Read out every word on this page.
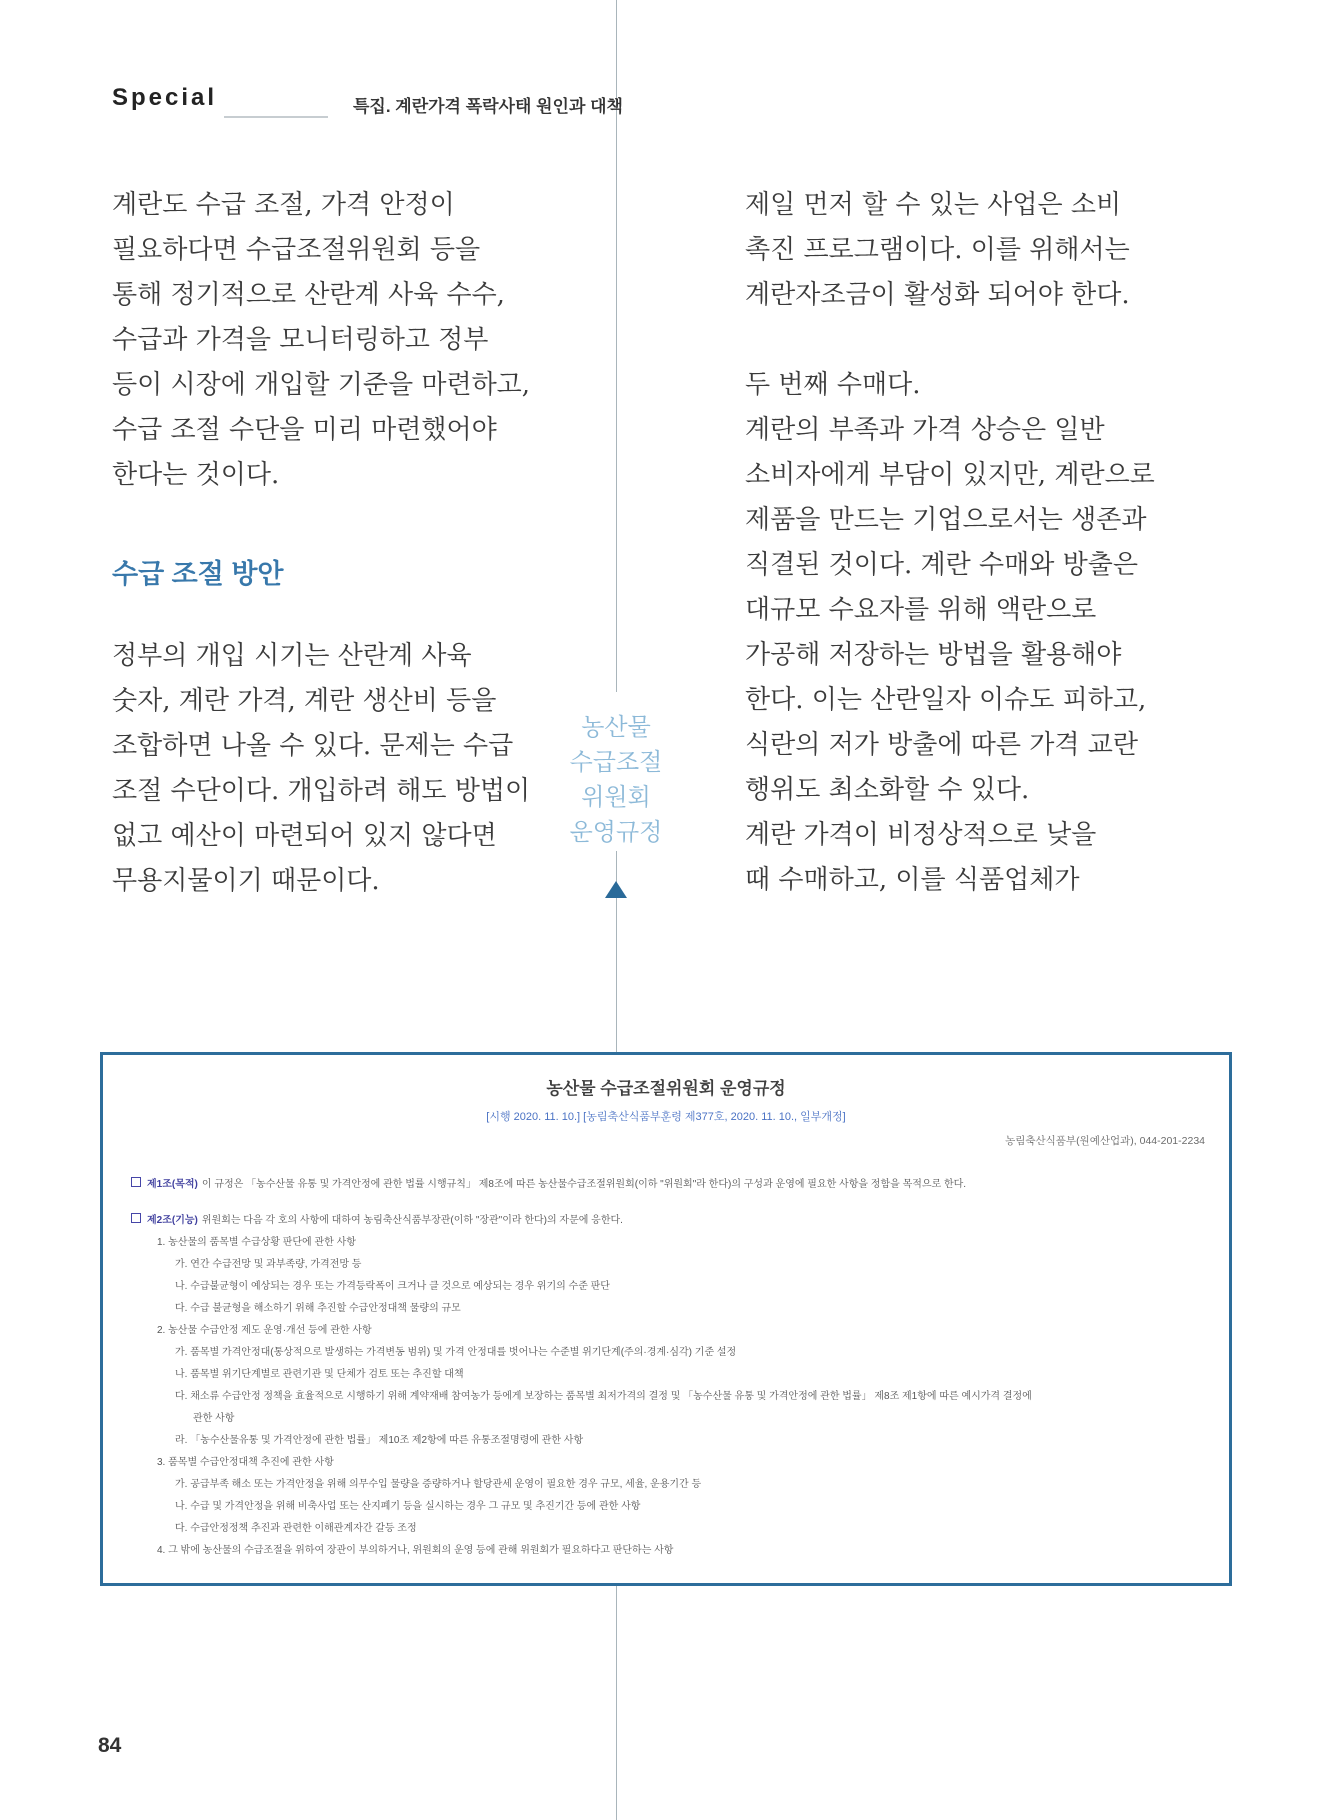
Special	특집. 계란가격 폭락사태 원인과 대책
계란도 수급 조절, 가격 안정이
필요하다면 수급조절위원회 등을
통해 정기적으로 산란계 사육 수수,
수급과 가격을 모니터링하고 정부
등이 시장에 개입할 기준을 마련하고,
수급 조절 수단을 미리 마련했어야
한다는 것이다.
수급 조절 방안
정부의 개입 시기는 산란계 사육
숫자, 계란 가격, 계란 생산비 등을
조합하면 나올 수 있다. 문제는 수급
조절 수단이다. 개입하려 해도 방법이
없고 예산이 마련되어 있지 않다면
무용지물이기 때문이다.
제일 먼저 할 수 있는 사업은 소비
촉진 프로그램이다. 이를 위해서는
계란자조금이 활성화 되어야 한다.
두 번째 수매다.
계란의 부족과 가격 상승은 일반
소비자에게 부담이 있지만, 계란으로
제품을 만드는 기업으로서는 생존과
직결된 것이다. 계란 수매와 방출은
대규모 수요자를 위해 액란으로
가공해 저장하는 방법을 활용해야
한다. 이는 산란일자 이슈도 피하고,
식란의 저가 방출에 따른 가격 교란
행위도 최소화할 수 있다.
계란 가격이 비정상적으로 낮을
때 수매하고, 이를 식품업체가
농산물
수급조절
위원회
운영규정
농산물 수급조절위원회 운영규정
[시행 2020. 11. 10.] [농림축산식품부훈령 제377호, 2020. 11. 10., 일부개정]
농림축산식품부(원예산업과), 044-201-2234
제1조(목적) 이 규정은 「농수산물 유통 및 가격안정에 관한 법률 시행규칙」 제8조에 따른 농산물수급조절위원회(이하 "위원회"라 한다)의 구성과 운영에 필요한 사항을 정함을 목적으로 한다.
제2조(기능) 위원회는 다음 각 호의 사항에 대하여 농림축산식품부장관(이하 "장관"이라 한다)의 자문에 응한다.
1. 농산물의 품목별 수급상황 판단에 관한 사항
가. 연간 수급전망 및 과부족량, 가격전망 등
나. 수급불균형이 예상되는 경우 또는 가격등락폭이 크거나 클 것으로 예상되는 경우 위기의 수준 판단
다. 수급 불균형을 해소하기 위해 추진할 수급안정대책 물량의 규모
2. 농산물 수급안정 제도 운영·개선 등에 관한 사항
가. 품목별 가격안정대(통상적으로 발생하는 가격변동 범위) 및 가격 안정대를 벗어나는 수준별 위기단계(주의·경계·심각) 기준 설정
나. 품목별 위기단계별로 관련기관 및 단체가 검토 또는 추진할 대책
다. 채소류 수급안정 정책을 효율적으로 시행하기 위해 계약재배 참여농가 등에게 보장하는 품목별 최저가격의 결정 및 「농수산물 유통 및 가격안정에 관한 법률」 제8조 제1항에 따른 예시가격 결정에
관한 사항
라. 「농수산물유통 및 가격안정에 관한 법률」 제10조 제2항에 따른 유통조절명령에 관한 사항
3. 품목별 수급안정대책 추진에 관한 사항
가. 공급부족 해소 또는 가격안정을 위해 의무수입 물량을 증량하거나 할당관세 운영이 필요한 경우 규모, 세율, 운용기간 등
나. 수급 및 가격안정을 위해 비축사업 또는 산지폐기 등을 실시하는 경우 그 규모 및 추진기간 등에 관한 사항
다. 수급안정정책 추진과 관련한 이해관계자간 갈등 조정
4. 그 밖에 농산물의 수급조절을 위하여 장관이 부의하거나, 위원회의 운영 등에 관해 위원회가 필요하다고 판단하는 사항
84
